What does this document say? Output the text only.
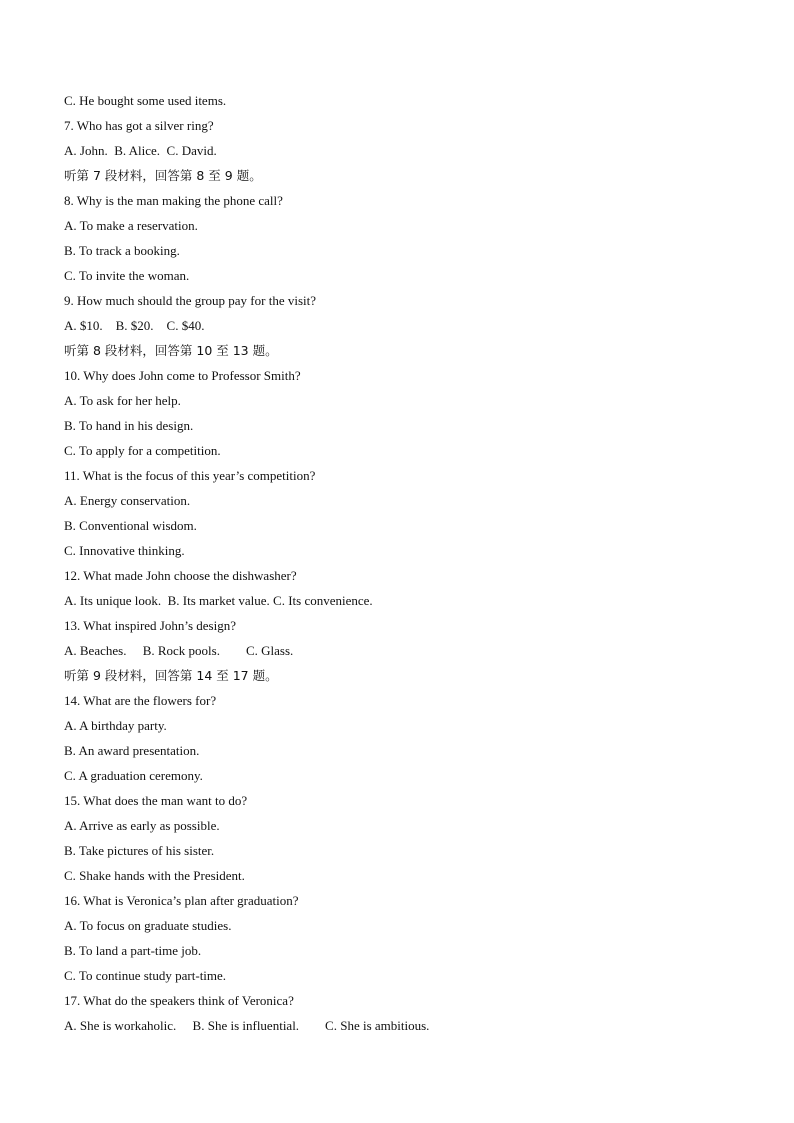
C. He bought some used items.
7. Who has got a silver ring?
A. John.  B. Alice.  C. David.
听第 7 段材料，回答第 8 至 9 题。
8. Why is the man making the phone call?
A. To make a reservation.
B. To track a booking.
C. To invite the woman.
9. How much should the group pay for the visit?
A. $10.    B. $20.    C. $40.
听第 8 段材料，回答第 10 至 13 题。
10. Why does John come to Professor Smith?
A. To ask for her help.
B. To hand in his design.
C. To apply for a competition.
11. What is the focus of this year’s competition?
A. Energy conservation.
B. Conventional wisdom.
C. Innovative thinking.
12. What made John choose the dishwasher?
A. Its unique look.  B. Its market value. C. Its convenience.
13. What inspired John’s design?
A. Beaches.     B. Rock pools.        C. Glass.
听第 9 段材料，回答第 14 至 17 题。
14. What are the flowers for?
A. A birthday party.
B. An award presentation.
C. A graduation ceremony.
15. What does the man want to do?
A. Arrive as early as possible.
B. Take pictures of his sister.
C. Shake hands with the President.
16. What is Veronica’s plan after graduation?
A. To focus on graduate studies.
B. To land a part-time job.
C. To continue study part-time.
17. What do the speakers think of Veronica?
A. She is workaholic.     B. She is influential.        C. She is ambitious.
